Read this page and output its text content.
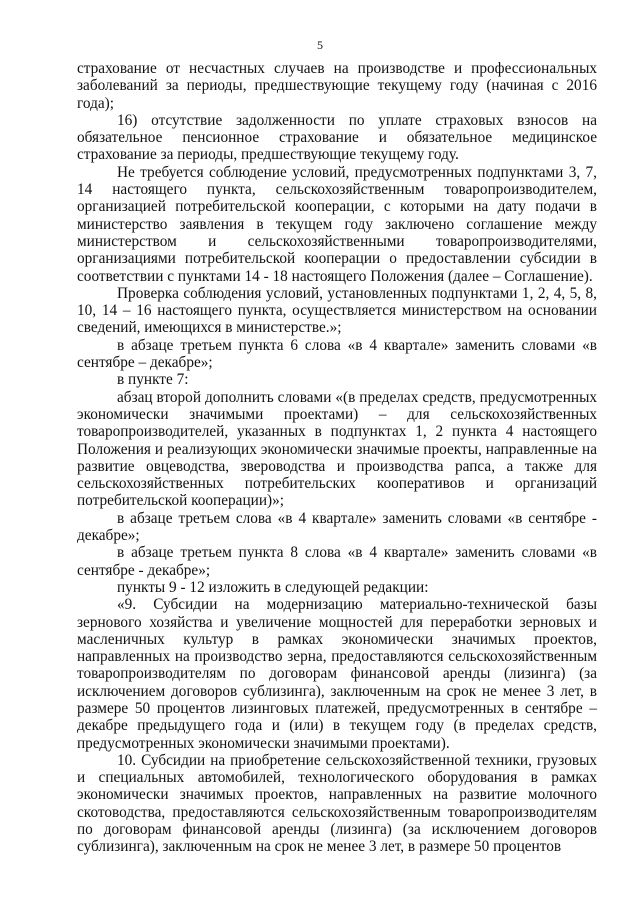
5

страхование от несчастных случаев на производстве и профессиональных заболеваний за периоды, предшествующие текущему году (начиная с 2016 года);

16) отсутствие задолженности по уплате страховых взносов на обязательное пенсионное страхование и обязательное медицинское страхование за периоды, предшествующие текущему году.

Не требуется соблюдение условий, предусмотренных подпунктами 3, 7, 14 настоящего пункта, сельскохозяйственным товаропроизводителем, организацией потребительской кооперации, с которыми на дату подачи в министерство заявления в текущем году заключено соглашение между министерством и сельскохозяйственными товаропроизводителями, организациями потребительской кооперации о предоставлении субсидии в соответствии с пунктами 14 - 18 настоящего Положения (далее – Соглашение).

Проверка соблюдения условий, установленных подпунктами 1, 2, 4, 5, 8, 10, 14 – 16 настоящего пункта, осуществляется министерством на основании сведений, имеющихся в министерстве.»;

в абзаце третьем пункта 6 слова «в 4 квартале» заменить словами «в сентябре – декабре»;

в пункте 7:

абзац второй дополнить словами «(в пределах средств, предусмотренных экономически значимыми проектами) – для сельскохозяйственных товаропроизводителей, указанных в подпунктах 1, 2 пункта 4 настоящего Положения и реализующих экономически значимые проекты, направленные на развитие овцеводства, звероводства и производства рапса, а также для сельскохозяйственных потребительских кооперативов и организаций потребительской кооперации)»;

в абзаце третьем слова «в 4 квартале» заменить словами «в сентябре - декабре»;

в абзаце третьем пункта 8 слова «в 4 квартале» заменить словами «в сентябре - декабре»;

пункты 9 - 12 изложить в следующей редакции:

«9. Субсидии на модернизацию материально-технической базы зернового хозяйства и увеличение мощностей для переработки зерновых и масленичных культур в рамках экономически значимых проектов, направленных на производство зерна, предоставляются сельскохозяйственным товаропроизводителям по договорам финансовой аренды (лизинга) (за исключением договоров сублизинга), заключенным на срок не менее 3 лет, в размере 50 процентов лизинговых платежей, предусмотренных в сентябре – декабре предыдущего года и (или) в текущем году (в пределах средств, предусмотренных экономически значимыми проектами).

10. Субсидии на приобретение сельскохозяйственной техники, грузовых и специальных автомобилей, технологического оборудования в рамках экономически значимых проектов, направленных на развитие молочного скотоводства, предоставляются сельскохозяйственным товаропроизводителям по договорам финансовой аренды (лизинга) (за исключением договоров сублизинга), заключенным на срок не менее 3 лет, в размере 50 процентов
